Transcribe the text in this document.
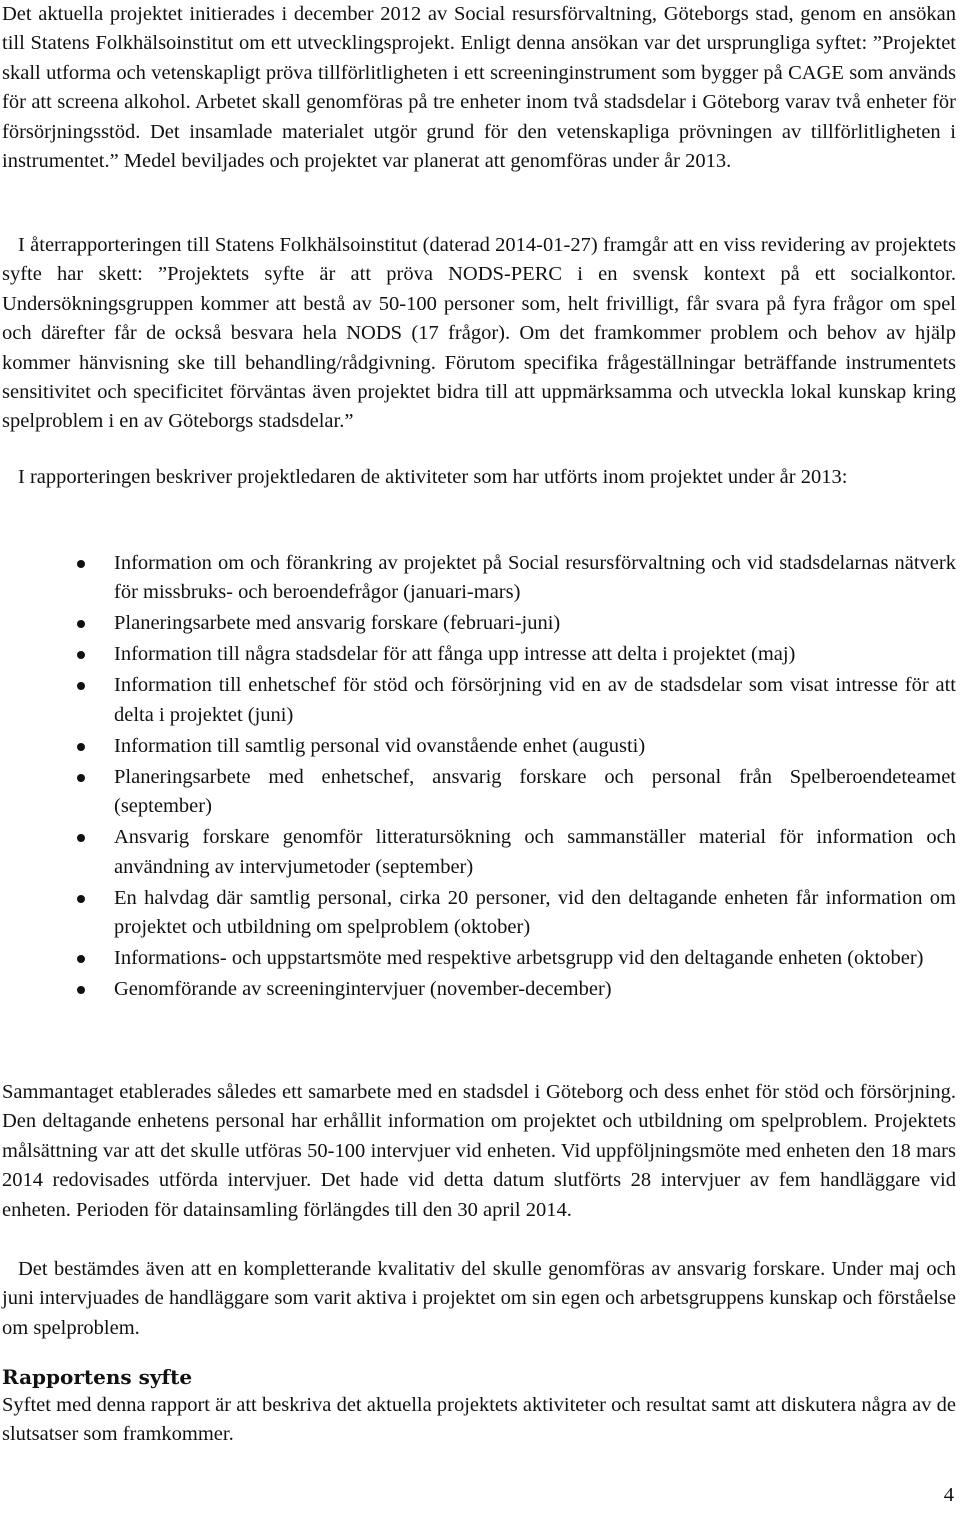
Det aktuella projektet initierades i december 2012 av Social resursförvaltning, Göteborgs stad, genom en ansökan till Statens Folkhälsoinstitut om ett utvecklingsprojekt. Enligt denna ansökan var det ursprungliga syftet: ”Projektet skall utforma och vetenskapligt pröva tillförlitligheten i ett screeninginstrument som bygger på CAGE som används för att screena alkohol. Arbetet skall genomföras på tre enheter inom två stadsdelar i Göteborg varav två enheter för försörjningsstöd. Det insamlade materialet utgör grund för den vetenskapliga prövningen av tillförlitligheten i instrumentet.” Medel beviljades och projektet var planerat att genomföras under år 2013.

I återrapporteringen till Statens Folkhälsoinstitut (daterad 2014-01-27) framgår att en viss revidering av projektets syfte har skett: ”Projektets syfte är att pröva NODS-PERC i en svensk kontext på ett socialkontor. Undersökningsgruppen kommer att bestå av 50-100 personer som, helt frivilligt, får svara på fyra frågor om spel och därefter får de också besvara hela NODS (17 frågor). Om det framkommer problem och behov av hjälp kommer hänvisning ske till behandling/rådgivning. Förutom specifika frågeställningar beträffande instrumentets sensitivitet och specificitet förväntas även projektet bidra till att uppmärksamma och utveckla lokal kunskap kring spelproblem i en av Göteborgs stadsdelar.”

I rapporteringen beskriver projektledaren de aktiviteter som har utförts inom projektet under år 2013:

Information om och förankring av projektet på Social resursförvaltning och vid stadsdelarnas nätverk för missbruks- och beroendefrågor (januari-mars)
Planeringsarbete med ansvarig forskare (februari-juni)
Information till några stadsdelar för att fånga upp intresse att delta i projektet (maj)
Information till enhetschef för stöd och försörjning vid en av de stadsdelar som visat intresse för att delta i projektet (juni)
Information till samtlig personal vid ovanstående enhet (augusti)
Planeringsarbete med enhetschef, ansvarig forskare och personal från Spelberoendeteamet (september)
Ansvarig forskare genomför litteratursökning och sammanställer material för information och användning av intervjumetoder (september)
En halvdag där samtlig personal, cirka 20 personer, vid den deltagande enheten får information om projektet och utbildning om spelproblem (oktober)
Informations- och uppstartsmöte med respektive arbetsgrupp vid den deltagande enheten (oktober)
Genomförande av screeningintervjuer (november-december)

Sammantaget etablerades således ett samarbete med en stadsdel i Göteborg och dess enhet för stöd och försörjning. Den deltagande enhetens personal har erhållit information om projektet och utbildning om spelproblem. Projektets målsättning var att det skulle utföras 50-100 intervjuer vid enheten. Vid uppföljningsmöte med enheten den 18 mars 2014 redovisades utförda intervjuer. Det hade vid detta datum slutförts 28 intervjuer av fem handläggare vid enheten. Perioden för datainsamling förlängdes till den 30 april 2014.

Det bestämdes även att en kompletterande kvalitativ del skulle genomföras av ansvarig forskare. Under maj och juni intervjuades de handläggare som varit aktiva i projektet om sin egen och arbetsgruppens kunskap och förståelse om spelproblem.

Rapportens syfte

Syftet med denna rapport är att beskriva det aktuella projektets aktiviteter och resultat samt att diskutera några av de slutsatser som framkommer.

4
